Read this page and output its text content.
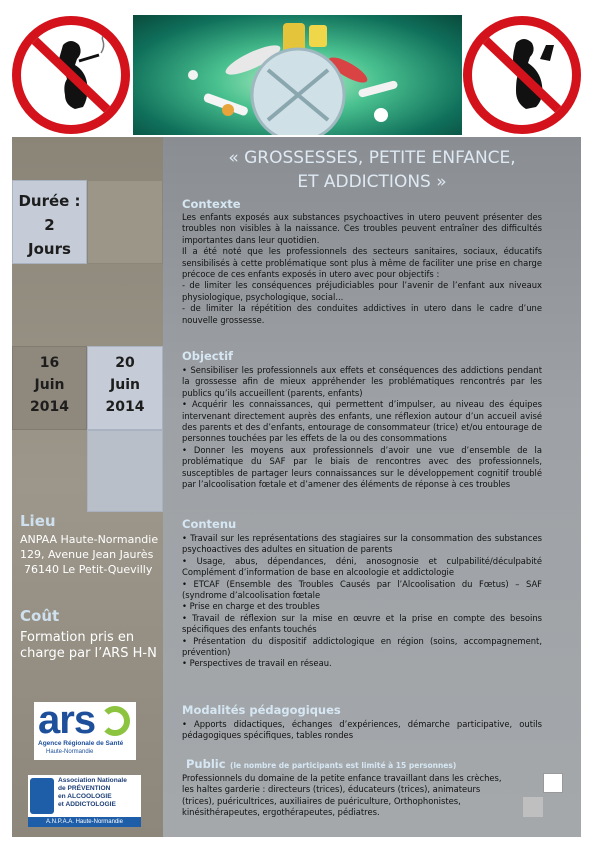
Durée :
2
Jours
16
Juin
2014
20
Juin
2014
Lieu
ANPAA Haute-Normandie
129, Avenue Jean Jaurès
76140 Le Petit-Quevilly
Coût
Formation pris en
charge par l’ARS H-N
ars
Agence Régionale de Santé
Haute-Normandie
Association Nationale
de PRÉVENTION
en ALCOOLOGIE
et ADDICTOLOGIE
A.N.P.A.A. Haute-Normandie
« GROSSESSES, PETITE ENFANCE,
ET ADDICTIONS »
Contexte

Les enfants exposés aux substances psychoactives in utero peuvent présenter des troubles non visibles à la naissance. Ces troubles peuvent entraîner des difficultés importantes dans leur quotidien.

Il a été noté que les professionnels des secteurs sanitaires, sociaux, éducatifs sensibilisés à cette problématique sont plus à même de faciliter une prise en charge précoce de ces enfants exposés in utero avec pour objectifs :

- de limiter les conséquences préjudiciables pour l’avenir de l’enfant aux niveaux physiologique, psychologique, social...

- de limiter la répétition des conduites addictives in utero dans le cadre d’une nouvelle grossesse.

Objectif

• Sensibiliser les professionnels aux effets et conséquences des addictions pendant la grossesse afin de mieux appréhender les problématiques rencontrés par les publics qu’ils accueillent (parents, enfants)

• Acquérir les connaissances, qui permettent d’impulser, au niveau des équipes intervenant directement auprès des enfants, une réflexion autour d’un accueil avisé des parents et des d’enfants, entourage de consommateur (trice) et/ou entourage de personnes touchées par les effets de la ou des consommations

• Donner les moyens aux professionnels d’avoir une vue d’ensemble de la problématique du SAF par le biais de rencontres avec des professionnels, susceptibles de partager leurs connaissances sur le développement cognitif troublé par l’alcoolisation fœtale et d’amener des éléments de réponse à ces troubles

Contenu

• Travail sur les représentations des stagiaires sur la consommation des substances psychoactives des adultes en situation de parents

• Usage, abus, dépendances, déni, anosognosie et culpabilité/déculpabité Complément d’information de base en alcoologie et addictologie

• ETCAF (Ensemble des Troubles Causés par l’Alcoolisation du Fœtus) – SAF (syndrome d’alcoolisation fœtale

• Prise en charge et des troubles

• Travail de réflexion sur la mise en œuvre et la prise en compte des besoins spécifiques des enfants touchés

• Présentation du dispositif addictologique en région (soins, accompagnement, prévention)

• Perspectives de travail en réseau.

Modalités pédagogiques

• Apports didactiques, échanges d’expériences, démarche participative, outils pédagogiques spécifiques, tables rondes

Public (le nombre de participants est limité à 15 personnes)

Professionnels du domaine de la petite enfance travaillant dans les crèches, les haltes garderie : directeurs (trices), éducateurs (trices), animateurs (trices), puéricultrices, auxiliaires de puériculture, Orthophonistes, kinésithérapeutes, ergothérapeutes, pédiatres.
